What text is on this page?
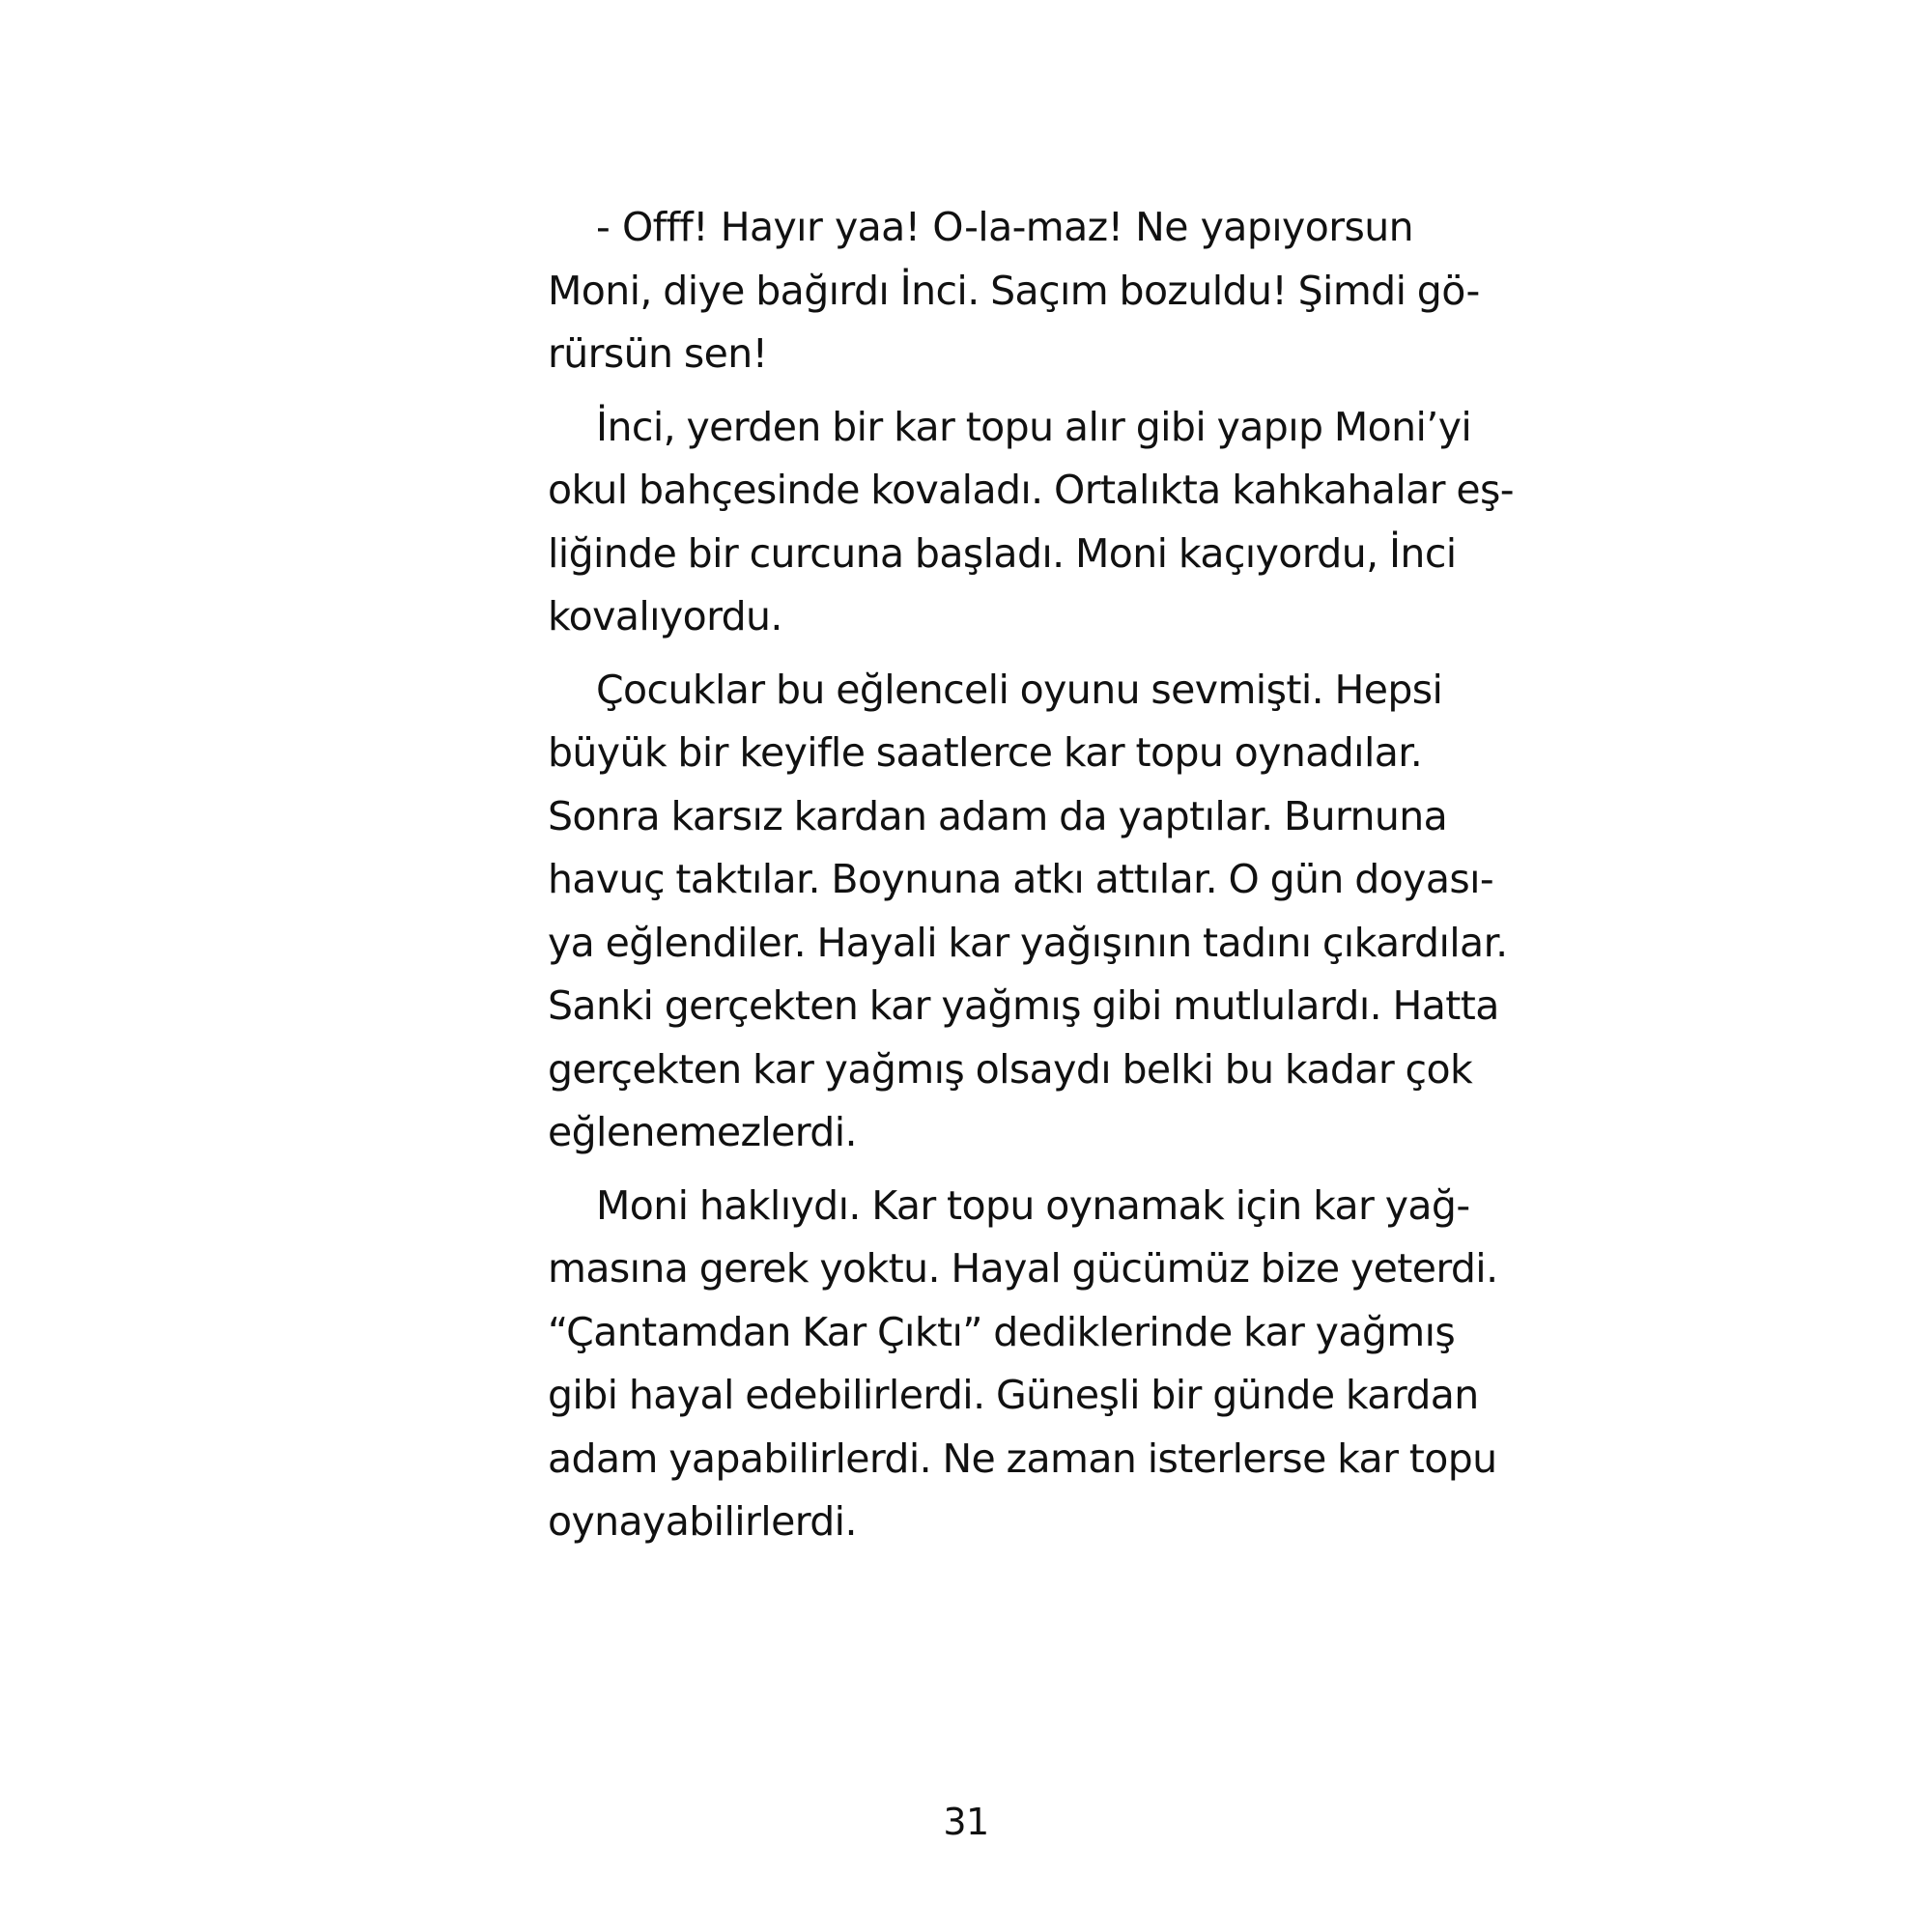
- Offf! Hayır yaa! O-la-maz! Ne yapıyorsun
Moni, diye bağırdı İnci. Saçım bozuldu! Şimdi gö-
rürsün sen!

İnci, yerden bir kar topu alır gibi yapıp Moni’yi
okul bahçesinde kovaladı. Ortalıkta kahkahalar eş-
liğinde bir curcuna başladı. Moni kaçıyordu, İnci
kovalıyordu.

Çocuklar bu eğlenceli oyunu sevmişti. Hepsi
büyük bir keyifle saatlerce kar topu oynadılar.
Sonra karsız kardan adam da yaptılar. Burnuna
havuç taktılar. Boynuna atkı attılar. O gün doyası-
ya eğlendiler. Hayali kar yağışının tadını çıkardılar.
Sanki gerçekten kar yağmış gibi mutlulardı. Hatta
gerçekten kar yağmış olsaydı belki bu kadar çok
eğlenemezlerdi.

Moni haklıydı. Kar topu oynamak için kar yağ-
masına gerek yoktu. Hayal gücümüz bize yeterdi.
“Çantamdan Kar Çıktı” dediklerinde kar yağmış
gibi hayal edebilirlerdi. Güneşli bir günde kardan
adam yapabilirlerdi. Ne zaman isterlerse kar topu
oynayabilirlerdi.

31
